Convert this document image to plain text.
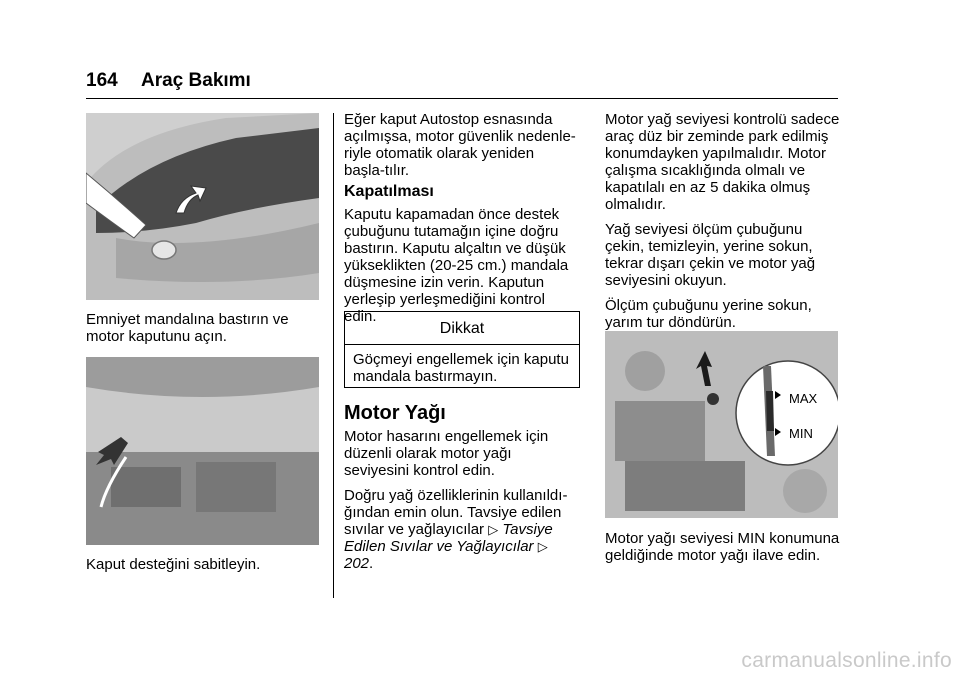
164 Araç Bakımı
Emniyet mandalına bastırın ve motor kaputunu açın.
Kaput desteğini sabitleyin.

Eğer kaput Autostop esnasında açılmışsa, motor güvenlik nedenle-riyle otomatik olarak yeniden başla-tılır.

Kapatılması

Kaputu kapamadan önce destek çubuğunu tutamağın içine doğru bastırın. Kaputu alçaltın ve düşük yükseklikten (20-25 cm.) mandala düşmesine izin verin. Kaputun yerleşip yerleşmediğini kontrol edin.

Dikkat
Göçmeyi engellemek için kaputu mandala bastırmayın.
Motor Yağı

Motor hasarını engellemek için düzenli olarak motor yağı seviyesini kontrol edin.

Doğru yağ özelliklerinin kullanıldı-ğından emin olun. Tavsiye edilen sıvılar ve yağlayıcılar ▷ Tavsiye Edilen Sıvılar ve Yağlayıcılar ▷ 202.

Motor yağ seviyesi kontrolü sadece araç düz bir zeminde park edilmiş konumdayken yapılmalıdır. Motor çalışma sıcaklığında olmalı ve kapatılalı en az 5 dakika olmuş olmalıdır.

Yağ seviyesi ölçüm çubuğunu çekin, temizleyin, yerine sokun, tekrar dışarı çekin ve motor yağ seviyesini okuyun.

Ölçüm çubuğunu yerine sokun, yarım tur döndürün.

MAX
MIN
Motor yağı seviyesi MIN konumuna geldiğinde motor yağı ilave edin.
carmanualsonline.info
